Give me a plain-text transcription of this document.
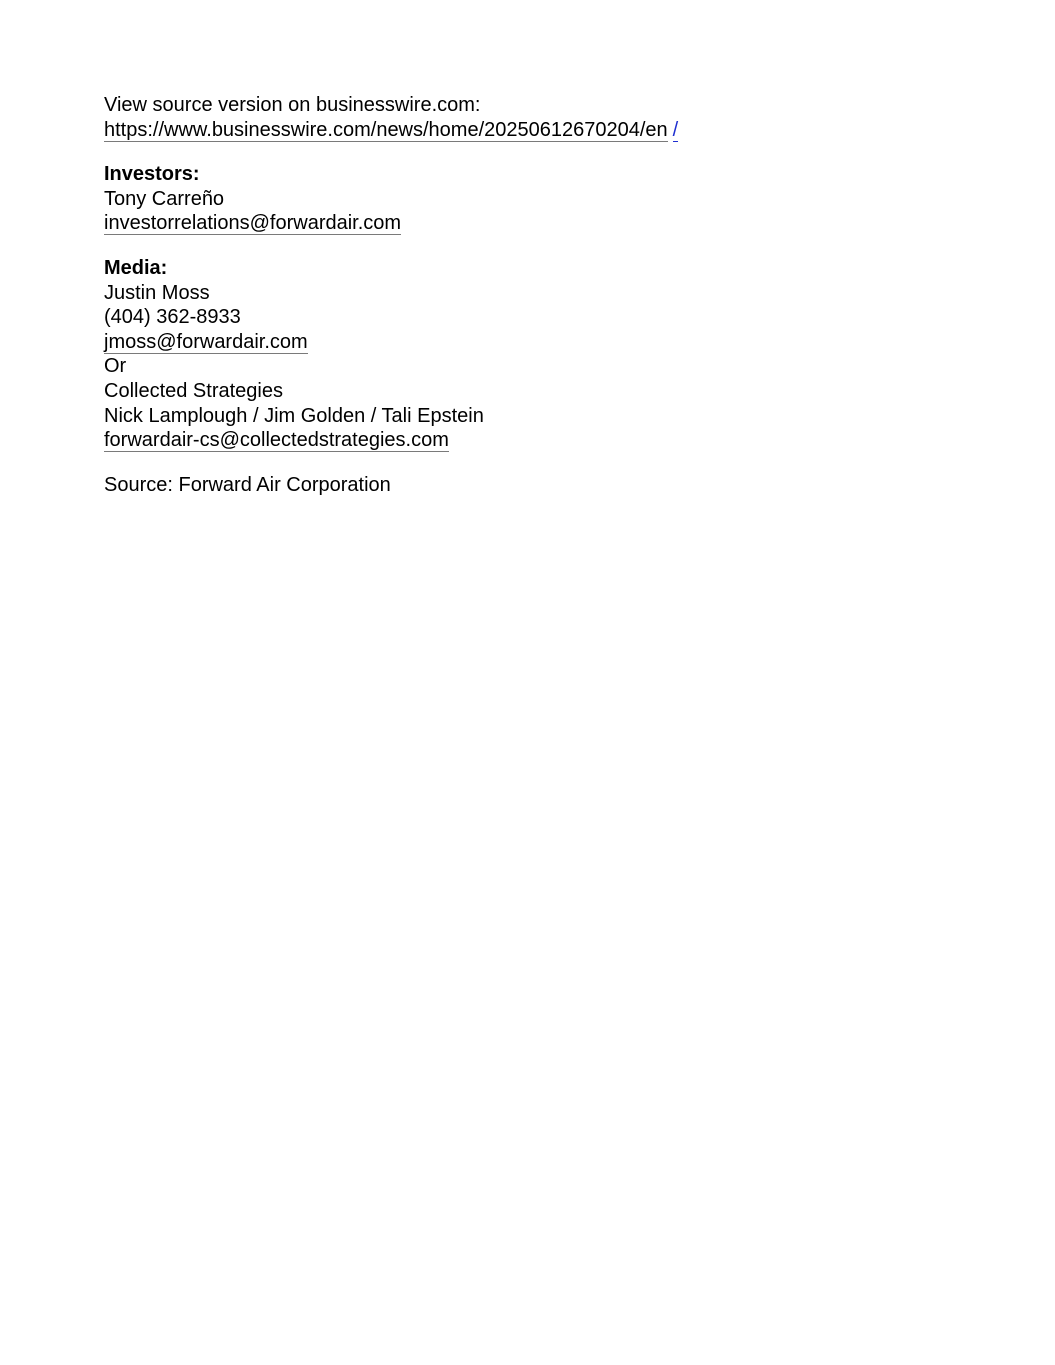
View source version on businesswire.com:
https://www.businesswire.com/news/home/20250612670204/en /
Investors:
Tony Carreño
investorrelations@forwardair.com
Media:
Justin Moss
(404) 362-8933
jmoss@forwardair.com
Or
Collected Strategies
Nick Lamplough / Jim Golden / Tali Epstein
forwardair-cs@collectedstrategies.com
Source: Forward Air Corporation
